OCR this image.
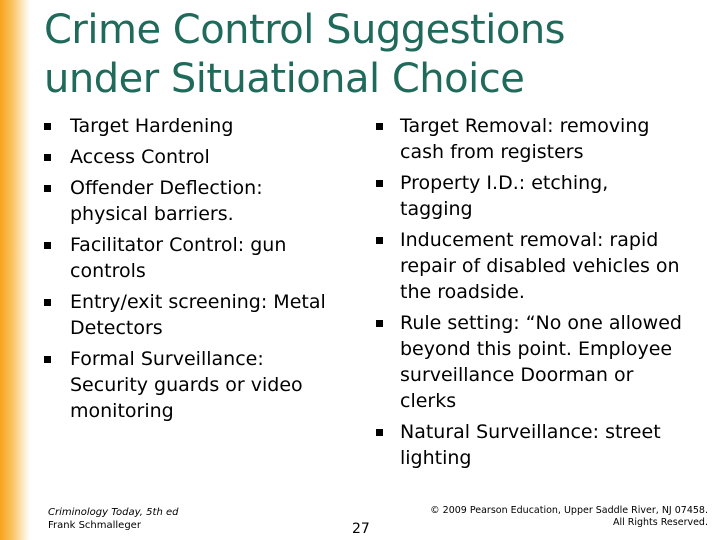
Crime Control Suggestions
under Situational Choice
Target Hardening
Access Control
Offender Deflection: physical barriers.
Facilitator Control: gun controls
Entry/exit screening: Metal Detectors
Formal Surveillance: Security guards or video monitoring
Target Removal: removing cash from registers
Property I.D.: etching, tagging
Inducement removal: rapid repair of disabled vehicles on the roadside.
Rule setting: “No one allowed beyond this point. Employee surveillance Doorman or clerks
Natural Surveillance: street lighting
Criminology Today, 5th ed
Frank Schmalleger	27
© 2009 Pearson Education, Upper Saddle River, NJ 07458.
All Rights Reserved.
